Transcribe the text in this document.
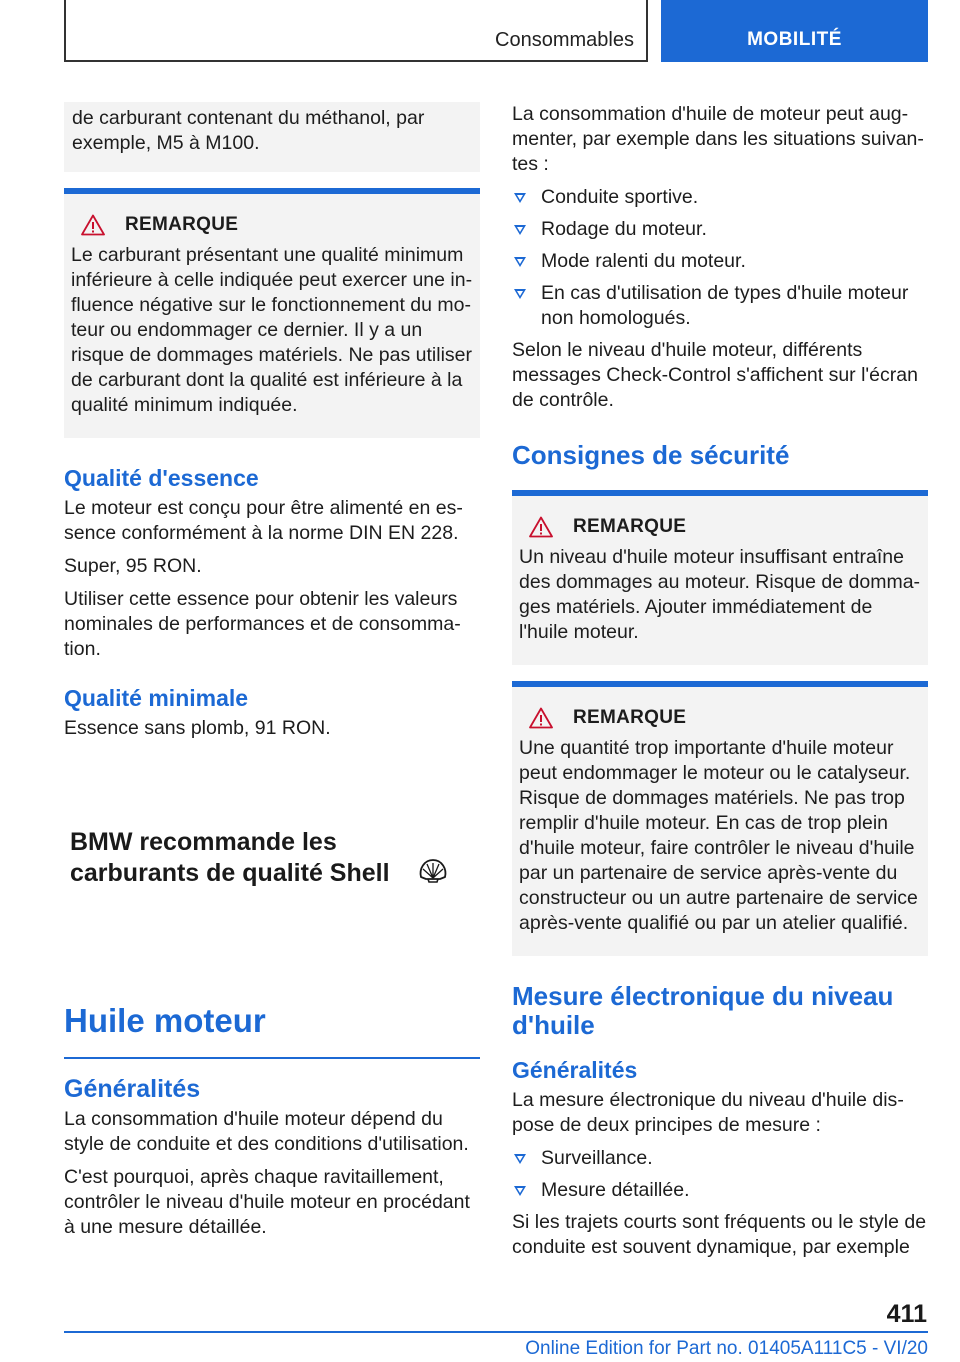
Consommables	MOBILITÉ

de carburant contenant du méthanol, par exemple, M5 à M100.

REMARQUE

Le carburant présentant une qualité minimum inférieure à celle indiquée peut exercer une influence négative sur le fonctionnement du moteur ou endommager ce dernier. Il y a un risque de dommages matériels. Ne pas utiliser de carburant dont la qualité est inférieure à la qualité minimum indiquée.

Qualité d'essence

Le moteur est conçu pour être alimenté en essence conformément à la norme DIN EN 228.

Super, 95 RON.

Utiliser cette essence pour obtenir les valeurs nominales de performances et de consommation.

Qualité minimale

Essence sans plomb, 91 RON.

BMW recommande les
carburants de qualité Shell
Huile moteur
Généralités

La consommation d'huile moteur dépend du style de conduite et des conditions d'utilisation.

C'est pourquoi, après chaque ravitaillement, contrôler le niveau d'huile moteur en procédant à une mesure détaillée.

La consommation d'huile de moteur peut augmenter, par exemple dans les situations suivantes :

Conduite sportive.
Rodage du moteur.
Mode ralenti du moteur.
En cas d'utilisation de types d'huile moteur non homologués.

Selon le niveau d'huile moteur, différents messages Check-Control s'affichent sur l'écran de contrôle.

Consignes de sécurité
REMARQUE

Un niveau d'huile moteur insuffisant entraîne des dommages au moteur. Risque de dommages matériels. Ajouter immédiatement de l'huile moteur.

REMARQUE

Une quantité trop importante d'huile moteur peut endommager le moteur ou le catalyseur. Risque de dommages matériels. Ne pas trop remplir d'huile moteur. En cas de trop plein d'huile moteur, faire contrôler le niveau d'huile par un partenaire de service après-vente du constructeur ou un autre partenaire de service après-vente qualifié ou par un atelier qualifié.

Mesure électronique du niveau d'huile
Généralités

La mesure électronique du niveau d'huile dispose de deux principes de mesure :

Surveillance.
Mesure détaillée.

Si les trajets courts sont fréquents ou le style de conduite est souvent dynamique, par exemple

411
Online Edition for Part no. 01405A111C5 - VI/20
